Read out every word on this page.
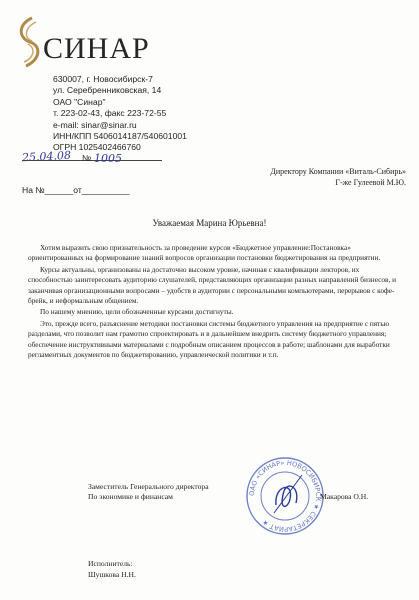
СИНАР
630007, г. Новосибирск-7
ул. Серебренниковская, 14
ОАО "Синар"
т. 223-02-43, факс 223-72-55
e-mail: sinar@sinar.ru
ИНН/КПП 5406014187/540601001
ОГРН 1025402466760
25.04.08 № 1005
На №______от__________
Директору Компании «Виталь-Сибирь»
Г-же Гулеевой М.Ю.
Уважаемая Марина Юрьевна!

Хотим выразить свою признательность за проведение курсов «Бюджетное управление:Постановка» ориентированных на формирование знаний вопросов организации постановки бюджетирования на предприятии.

Курсы актуальны, организованы на достаточно высоком уровне, начиная с квалификации лекторов, их способностью заинтересовать аудиторию слушателей, представляющих организации разных направлений бизнесов, и заканчивая организационными вопросами – удобств в аудитории с персональными компьютерами, перерывов с кофе-брейк, и неформальным общением.

По нашему мнению, цели обозначенные курсами достигнуты.

Это, прежде всего, разъяснение методики постановки системы бюджетного управления на предприятие с пятью разделами, что позволит нам грамотно спроектировать и в дальнейшем внедрить систему бюджетного управления; обеспечение инструктивными материалами с подробным описанием процессов в работе; шаблонами для выработки регламентных документов по бюджетированию, управленческой политики и т.п.

Заместитель Генерального директора
По экономике и финансам	ОАО «СИНАР» НОВОСИБИРСК ★ СЕКРЕТАРИАТ ★
Макарова О.Н.
Исполнитель:
Шушкова Н.Н.
